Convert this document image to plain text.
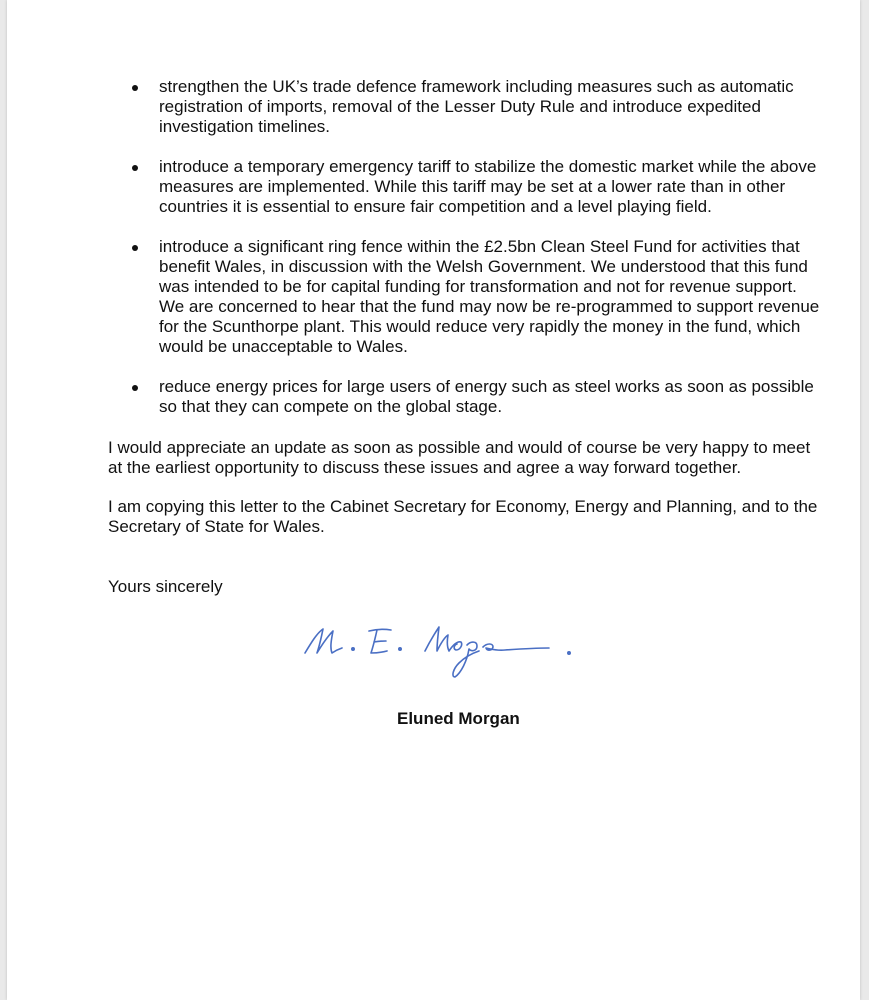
strengthen the UK’s trade defence framework including measures such as automatic registration of imports, removal of the Lesser Duty Rule and introduce expedited investigation timelines.
introduce a temporary emergency tariff to stabilize the domestic market while the above measures are implemented. While this tariff may be set at a lower rate than in other countries it is essential to ensure fair competition and a level playing field.
introduce a significant ring fence within the £2.5bn Clean Steel Fund for activities that benefit Wales, in discussion with the Welsh Government. We understood that this fund was intended to be for capital funding for transformation and not for revenue support. We are concerned to hear that the fund may now be re-programmed to support revenue for the Scunthorpe plant. This would reduce very rapidly the money in the fund, which would be unacceptable to Wales.
reduce energy prices for large users of energy such as steel works as soon as possible so that they can compete on the global stage.

I would appreciate an update as soon as possible and would of course be very happy to meet at the earliest opportunity to discuss these issues and agree a way forward together.

I am copying this letter to the Cabinet Secretary for Economy, Energy and Planning, and to the Secretary of State for Wales.

Yours sincerely

Eluned Morgan
